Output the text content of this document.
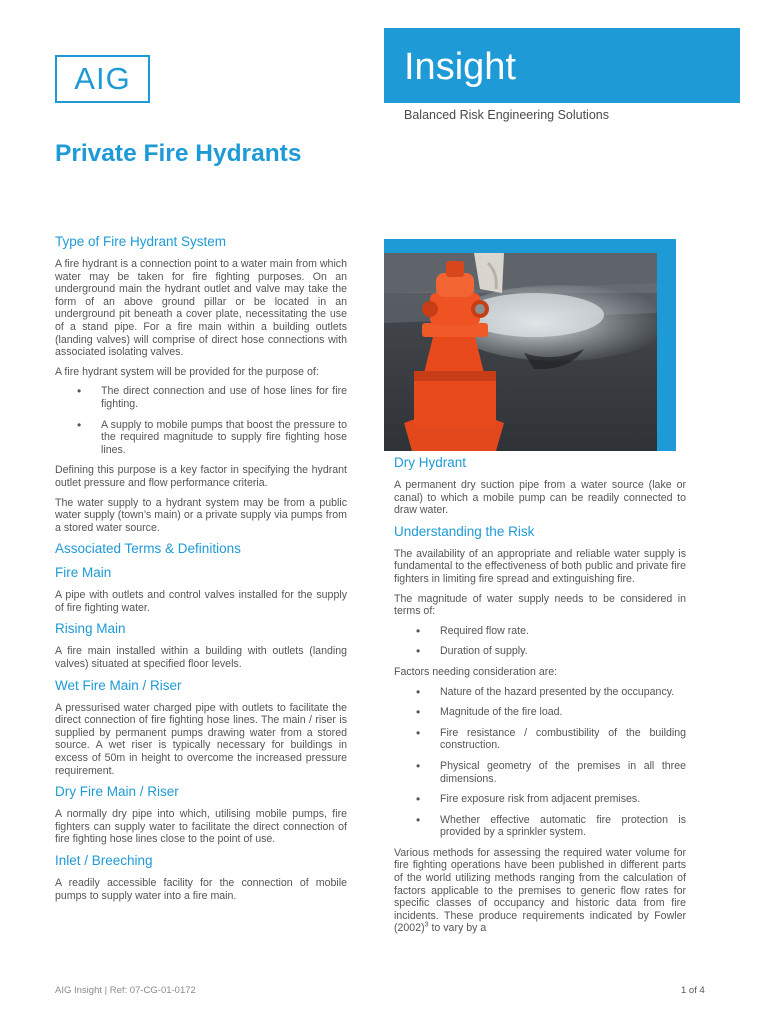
AIG	Insight
Balanced Risk Engineering Solutions
Private Fire Hydrants
Type of Fire Hydrant System

A fire hydrant is a connection point to a water main from which water may be taken for fire fighting purposes. On an underground main the hydrant outlet and valve may take the form of an above ground pillar or be located in an underground pit beneath a cover plate, necessitating the use of a stand pipe. For a fire main within a building outlets (landing valves) will comprise of direct hose connections with associated isolating valves.

A fire hydrant system will be provided for the purpose of:

• The direct connection and use of hose lines for fire fighting.
• A supply to mobile pumps that boost the pressure to the required magnitude to supply fire fighting hose lines.

Defining this purpose is a key factor in specifying the hydrant outlet pressure and flow performance criteria.

The water supply to a hydrant system may be from a public water supply (town’s main) or a private supply via pumps from a stored water source.

Associated Terms & Definitions
Fire Main

A pipe with outlets and control valves installed for the supply of fire fighting water.

Rising Main

A fire main installed within a building with outlets (landing valves) situated at specified floor levels.

Wet Fire Main / Riser

A pressurised water charged pipe with outlets to facilitate the direct connection of fire fighting hose lines. The main / riser is supplied by permanent pumps drawing water from a stored source. A wet riser is typically necessary for buildings in excess of 50m in height to overcome the increased pressure requirement.

Dry Fire Main / Riser

A normally dry pipe into which, utilising mobile pumps, fire fighters can supply water to facilitate the direct connection of fire fighting hose lines close to the point of use.

Inlet / Breeching

A readily accessible facility for the connection of mobile pumps to supply water into a fire main.

Dry Hydrant

A permanent dry suction pipe from a water source (lake or canal) to which a mobile pump can be readily connected to draw water.

Understanding the Risk

The availability of an appropriate and reliable water supply is fundamental to the effectiveness of both public and private fire fighters in limiting fire spread and extinguishing fire.

The magnitude of water supply needs to be considered in terms of:

• Required flow rate.
• Duration of supply.

Factors needing consideration are:

• Nature of the hazard presented by the occupancy.
• Magnitude of the fire load.
• Fire resistance / combustibility of the building construction.
• Physical geometry of the premises in all three dimensions.
• Fire exposure risk from adjacent premises.
• Whether effective automatic fire protection is provided by a sprinkler system.

Various methods for assessing the required water volume for fire fighting operations have been published in different parts of the world utilizing methods ranging from the calculation of factors applicable to the premises to generic flow rates for specific classes of occupancy and historic data from fire incidents. These produce requirements indicated by Fowler $(2002)^3$ to vary by a

AIG Insight | Ref: 07-CG-01-0172	1 of 4
